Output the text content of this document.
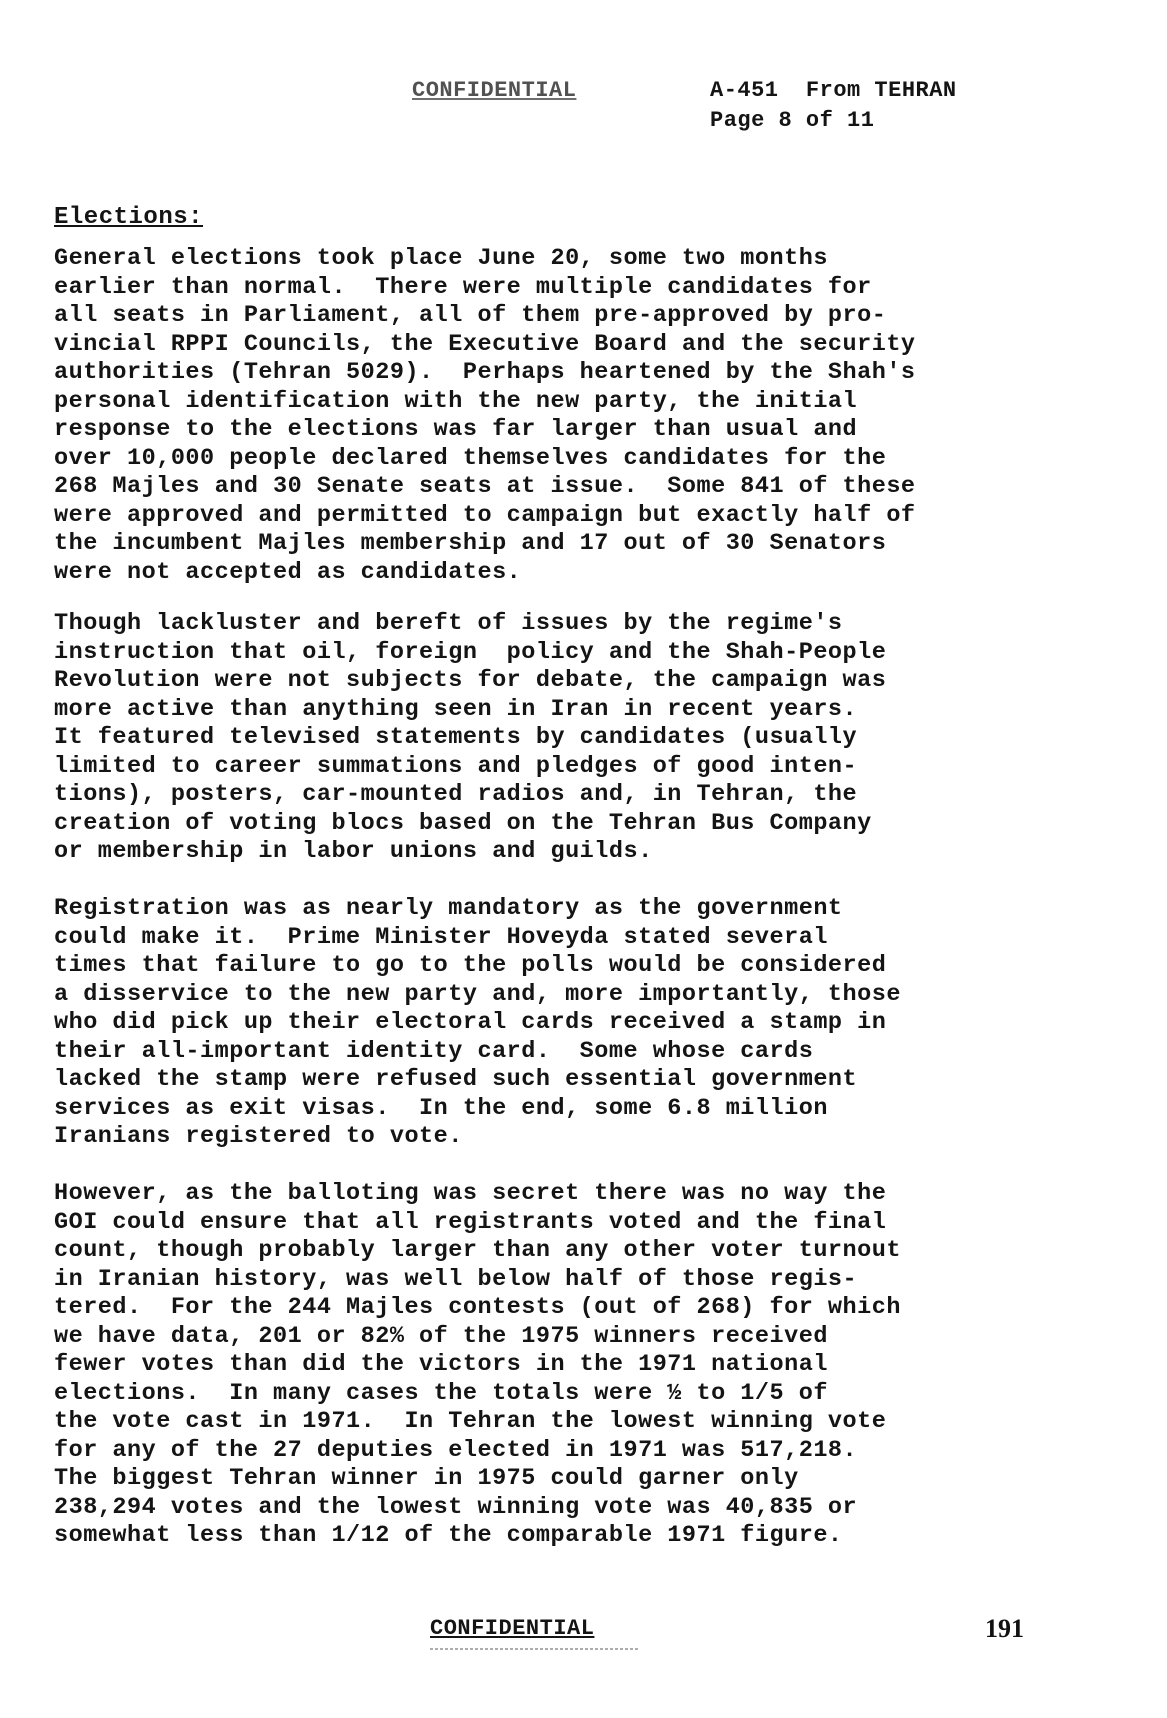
CONFIDENTIAL	A-451  From TEHRAN
Page 8 of 11
Elections:

General elections took place June 20, some two months
earlier than normal.  There were multiple candidates for
all seats in Parliament, all of them pre-approved by pro-
vincial RPPI Councils, the Executive Board and the security
authorities (Tehran 5029).  Perhaps heartened by the Shah's
personal identification with the new party, the initial
response to the elections was far larger than usual and
over 10,000 people declared themselves candidates for the
268 Majles and 30 Senate seats at issue.  Some 841 of these
were approved and permitted to campaign but exactly half of
the incumbent Majles membership and 17 out of 30 Senators
were not accepted as candidates.

Though lackluster and bereft of issues by the regime's
instruction that oil, foreign  policy and the Shah-People
Revolution were not subjects for debate, the campaign was
more active than anything seen in Iran in recent years.
It featured televised statements by candidates (usually
limited to career summations and pledges of good inten-
tions), posters, car-mounted radios and, in Tehran, the
creation of voting blocs based on the Tehran Bus Company
or membership in labor unions and guilds.

Registration was as nearly mandatory as the government
could make it.  Prime Minister Hoveyda stated several
times that failure to go to the polls would be considered
a disservice to the new party and, more importantly, those
who did pick up their electoral cards received a stamp in
their all-important identity card.  Some whose cards
lacked the stamp were refused such essential government
services as exit visas.  In the end, some 6.8 million
Iranians registered to vote.

However, as the balloting was secret there was no way the
GOI could ensure that all registrants voted and the final
count, though probably larger than any other voter turnout
in Iranian history, was well below half of those regis-
tered.  For the 244 Majles contests (out of 268) for which
we have data, 201 or 82% of the 1975 winners received
fewer votes than did the victors in the 1971 national
elections.  In many cases the totals were ½ to 1/5 of
the vote cast in 1971.  In Tehran the lowest winning vote
for any of the 27 deputies elected in 1971 was 517,218.
The biggest Tehran winner in 1975 could garner only
238,294 votes and the lowest winning vote was 40,835 or
somewhat less than 1/12 of the comparable 1971 figure.

CONFIDENTIAL	191
